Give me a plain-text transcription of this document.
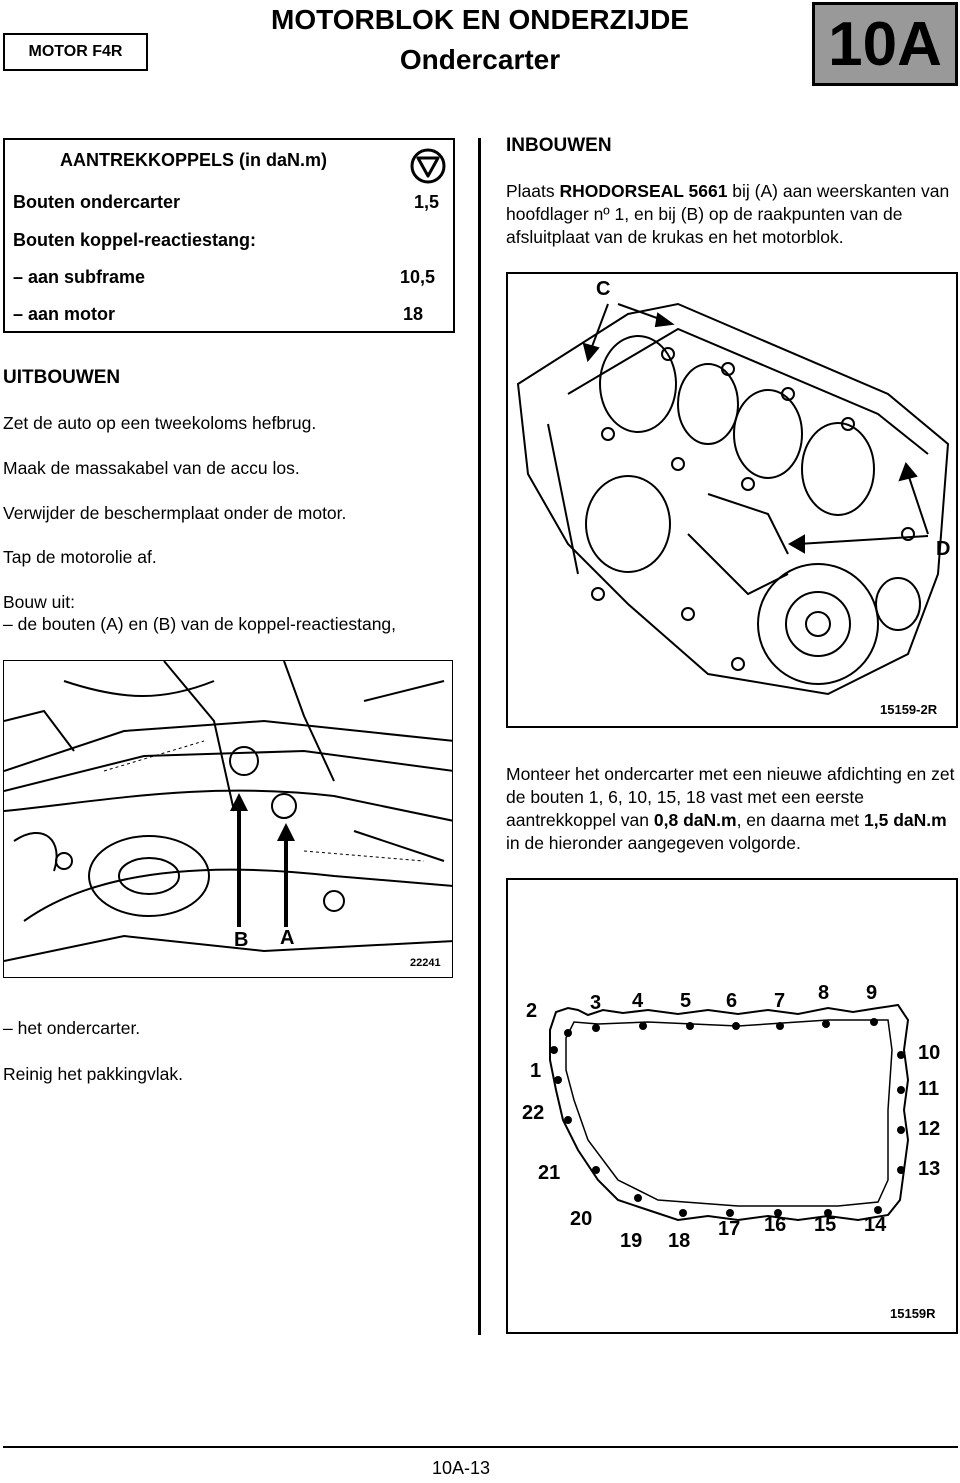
MOTOR F4R
MOTORBLOK EN ONDERZIJDE
Ondercarter	10A
AANTREKKOPPELS (in daN.m)
Bouten ondercarter	1,5
Bouten koppel-reactiestang:
– aan subframe	10,5
– aan motor	18
UITBOUWEN
Zet de auto op een tweekoloms hefbrug.
Maak de massakabel van de accu los.
Verwijder de beschermplaat onder de motor.
Tap de motorolie af.
Bouw uit:
– de bouten (A) en (B) van de koppel-reactiestang,
B A
22241
– het ondercarter.
Reinig het pakkingvlak.
INBOUWEN
Plaats RHODORSEAL 5661 bij (A) aan weerskanten van hoofdlager nº 1, en bij (B) op de raakpunten van de afsluitplaat van de krukas en het motorblok.
C
D
15159-2R
Monteer het ondercarter met een nieuwe afdichting en zet de bouten 1, 6, 10, 15, 18 vast met een eerste aantrekkoppel van 0,8 daN.m, en daarna met 1,5 daN.m in de hieronder aangegeven volgorde.
2	3 4 5 6 7 8 9
10
11
12
13
14
15
16
17
18
19
20
21
22
1
15159R
10A-13
